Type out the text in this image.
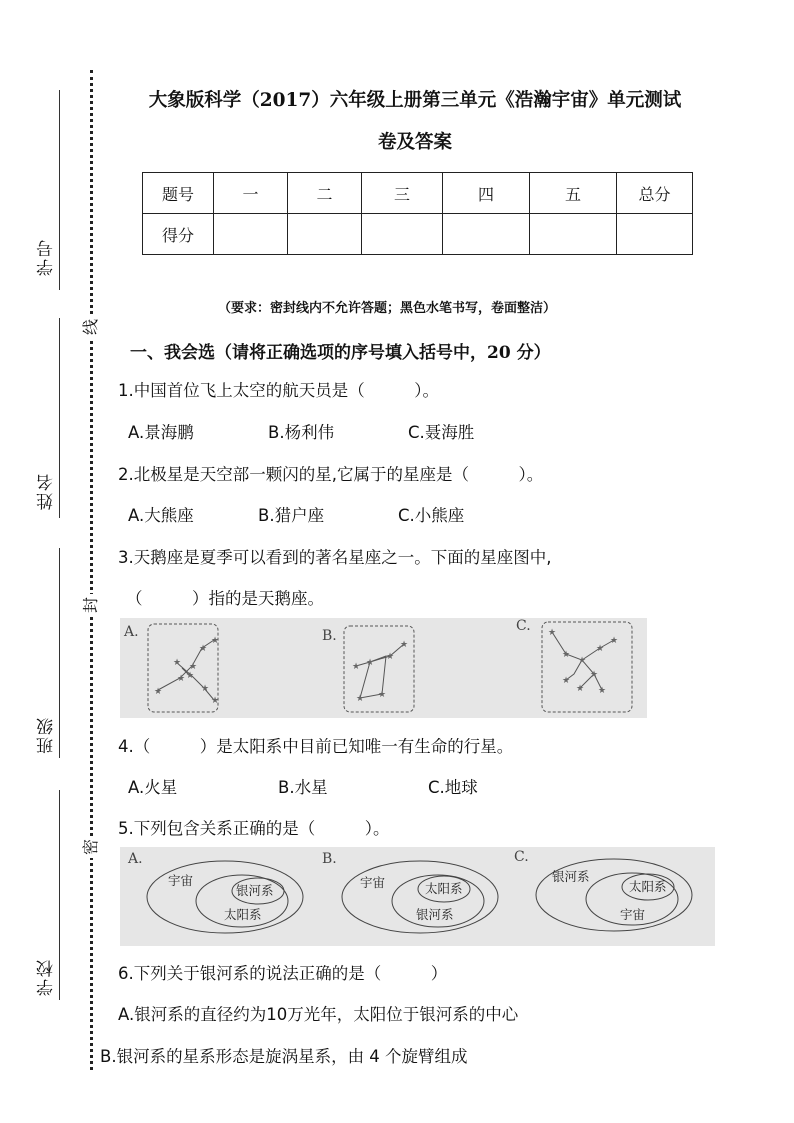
学号
姓名
班级
学校
线
封
密
大象版科学（2017）六年级上册第三单元《浩瀚宇宙》单元测试
卷及答案
题号	一	二	三	四	五	总分
得分						
（要求：密封线内不允许答题；黑色水笔书写，卷面整洁）
一、我会选（请将正确选项的序号填入括号中，20 分）
1.中国首位飞上太空的航天员是（　　　）。
A.景海鹏	B.杨利伟	C.聂海胜
2.北极星是天空部一颗闪的星,它属于的星座是（　　　）。
A.大熊座	B.猎户座	C.小熊座
3.天鹅座是夏季可以看到的著名星座之一。下面的星座图中,
（　　　）指的是天鹅座。
A.	B.
C.
★
★
★
★
★
★
★
★
★
★ ★
★
★
★
★
★
★
★
★
★
★
★
★
★
4.（　　　）是太阳系中目前已知唯一有生命的行星。
A.火星	B.水星	C.地球
5.下列包含关系正确的是（　　　）。
A.	B.	C.
宇宙
银河系
太阳系
宇宙	太阳系
银河系
银河系
太阳系
宇宙
6.下列关于银河系的说法正确的是（　　　）
A.银河系的直径约为10万光年，太阳位于银河系的中心
B.银河系的星系形态是旋涡星系，由 4 个旋臂组成
